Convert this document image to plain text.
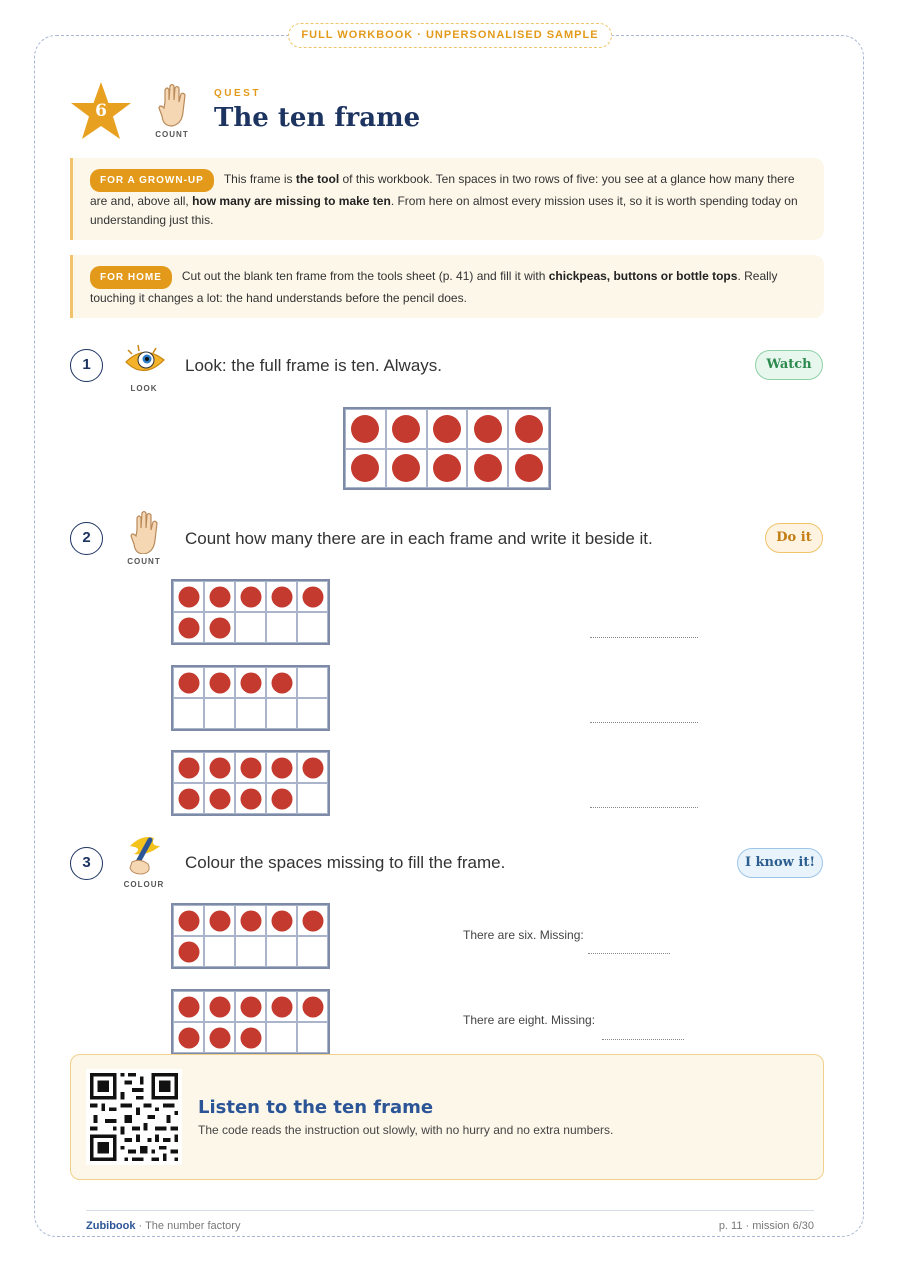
FULL WORKBOOK · UNPERSONALISED SAMPLE
6
COUNT
QUEST
The ten frame
FOR A GROWN-UP This frame is the tool of this workbook. Ten spaces in two rows of five: you see at a glance how many there are and, above all, how many are missing to make ten. From here on almost every mission uses it, so it is worth spending today on understanding just this.
FOR HOME Cut out the blank ten frame from the tools sheet (p. 41) and fill it with chickpeas, buttons or bottle tops. Really touching it changes a lot: the hand understands before the pencil does.
1
LOOK
Look: the full frame is ten. Always.	Watch
2
COUNT
Count how many there are in each frame and write it beside it.	Do it
3
COLOUR
Colour the spaces missing to fill the frame.	I know it!
There are six. Missing:
There are eight. Missing:
Listen to the ten frame
The code reads the instruction out slowly, with no hurry and no extra numbers.
Zubibook · The number factory	p. 11 · mission 6/30
